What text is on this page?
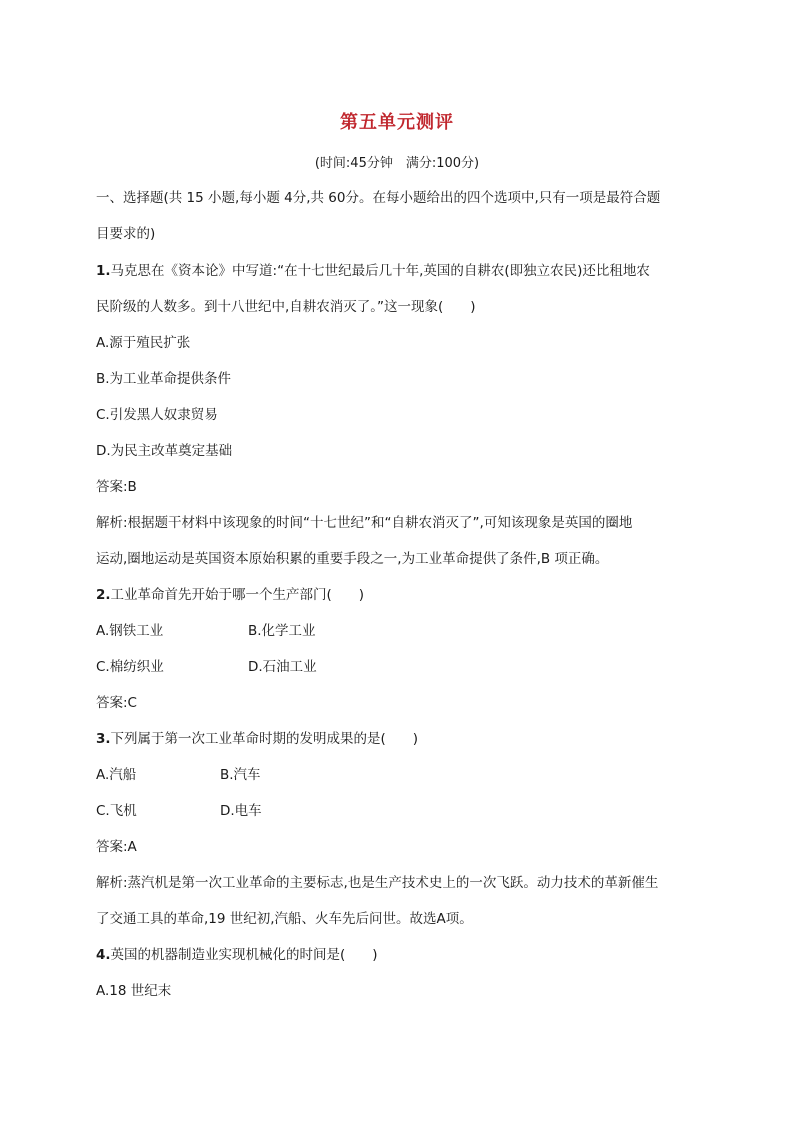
第五单元测评
(时间:45分钟　满分:100分)
一、选择题(共 15 小题,每小题 4分,共 60分。在每小题给出的四个选项中,只有一项是最符合题
目要求的)
1.马克思在《资本论》中写道:“在十七世纪最后几十年,英国的自耕农(即独立农民)还比租地农
民阶级的人数多。到十八世纪中,自耕农消灭了。”这一现象(　　)
A.源于殖民扩张
B.为工业革命提供条件
C.引发黑人奴隶贸易
D.为民主改革奠定基础
答案:B
解析:根据题干材料中该现象的时间“十七世纪”和“自耕农消灭了”,可知该现象是英国的圈地
运动,圈地运动是英国资本原始积累的重要手段之一,为工业革命提供了条件,B 项正确。
2.工业革命首先开始于哪一个生产部门(　　)
A.钢铁工业	B.化学工业
C.棉纺织业	D.石油工业
答案:C
3.下列属于第一次工业革命时期的发明成果的是(　　)
A.汽船	B.汽车
C.飞机	D.电车
答案:A
解析:蒸汽机是第一次工业革命的主要标志,也是生产技术史上的一次飞跃。动力技术的革新催生
了交通工具的革命,19 世纪初,汽船、火车先后问世。故选A项。
4.英国的机器制造业实现机械化的时间是(　　)
A.18 世纪末
